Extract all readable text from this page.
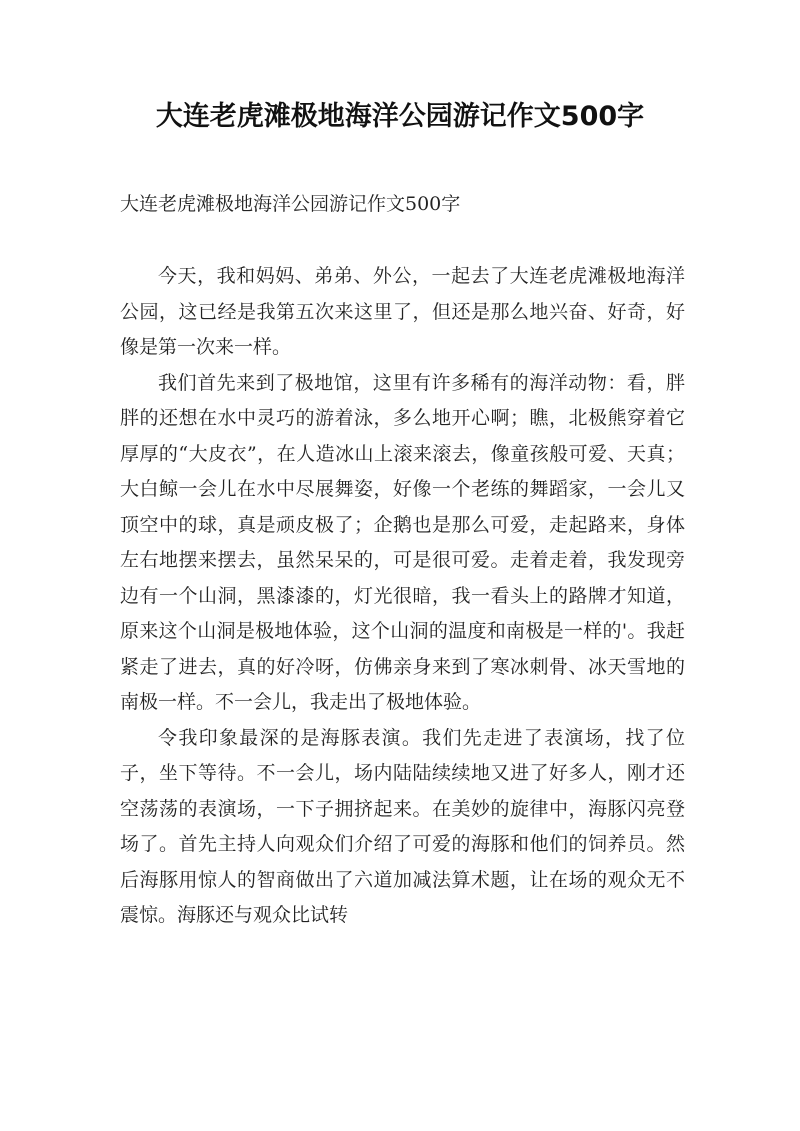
大连老虎滩极地海洋公园游记作文500字
大连老虎滩极地海洋公园游记作文500字

今天，我和妈妈、弟弟、外公，一起去了大连老虎滩极地海洋公园，这已经是我第五次来这里了，但还是那么地兴奋、好奇，好像是第一次来一样。

我们首先来到了极地馆，这里有许多稀有的海洋动物：看，胖胖的还想在水中灵巧的游着泳，多么地开心啊；瞧，北极熊穿着它厚厚的“大皮衣”，在人造冰山上滚来滚去，像童孩般可爱、天真；大白鲸一会儿在水中尽展舞姿，好像一个老练的舞蹈家，一会儿又顶空中的球，真是顽皮极了；企鹅也是那么可爱，走起路来，身体左右地摆来摆去，虽然呆呆的，可是很可爱。走着走着，我发现旁边有一个山洞，黑漆漆的，灯光很暗，我一看头上的路牌才知道，原来这个山洞是极地体验，这个山洞的温度和南极是一样的'。我赶紧走了进去，真的好冷呀，仿佛亲身来到了寒冰刺骨、冰天雪地的南极一样。不一会儿，我走出了极地体验。

令我印象最深的是海豚表演。我们先走进了表演场，找了位子，坐下等待。不一会儿，场内陆陆续续地又进了好多人，刚才还空荡荡的表演场，一下子拥挤起来。在美妙的旋律中，海豚闪亮登场了。首先主持人向观众们介绍了可爱的海豚和他们的饲养员。然后海豚用惊人的智商做出了六道加减法算术题，让在场的观众无不震惊。海豚还与观众比试转
